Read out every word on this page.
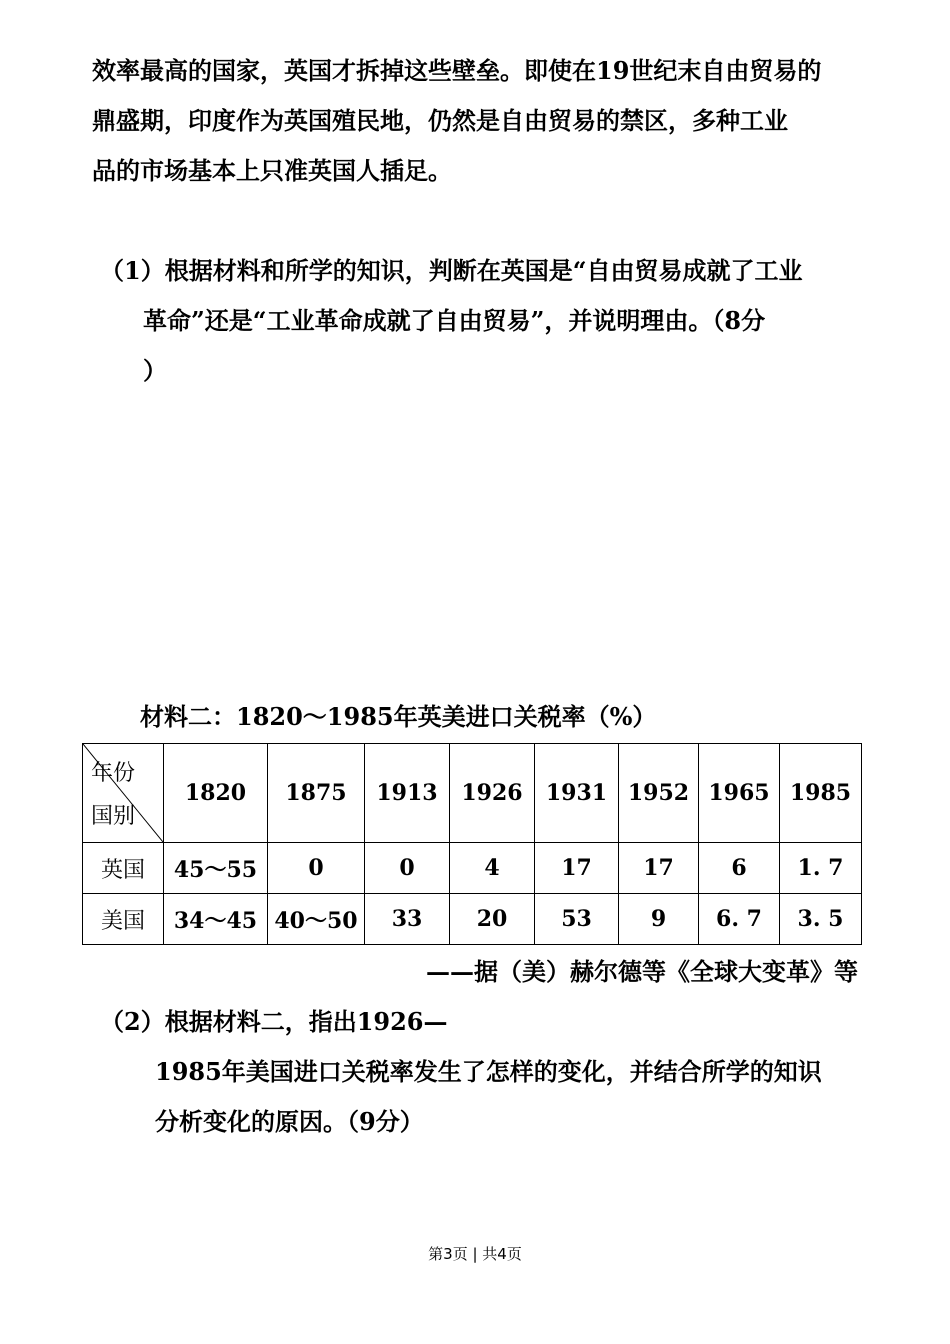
效率最高的国家，英国才拆掉这些壁垒。即使在19世纪末自由贸易的
鼎盛期，印度作为英国殖民地，仍然是自由贸易的禁区，多种工业
品的市场基本上只准英国人插足。
（1）根据材料和所学的知识，判断在英国是“自由贸易成就了工业
革命”还是“工业革命成就了自由贸易”，并说明理由。（8分
）
材料二：1820～1985年英美进口关税率（%）
年份
国别	1820	1875	1913	1926	1931	1952	1965	1985
英国	45～55	0	0	4	17	17	6	1. 7
美国	34～45	40～50	33	20	53	9	6. 7	3. 5
——据（美）赫尔德等《全球大变革》等
（2）根据材料二，指出1926—
1985年美国进口关税率发生了怎样的变化，并结合所学的知识
分析变化的原因。（9分）
第3页 | 共4页
